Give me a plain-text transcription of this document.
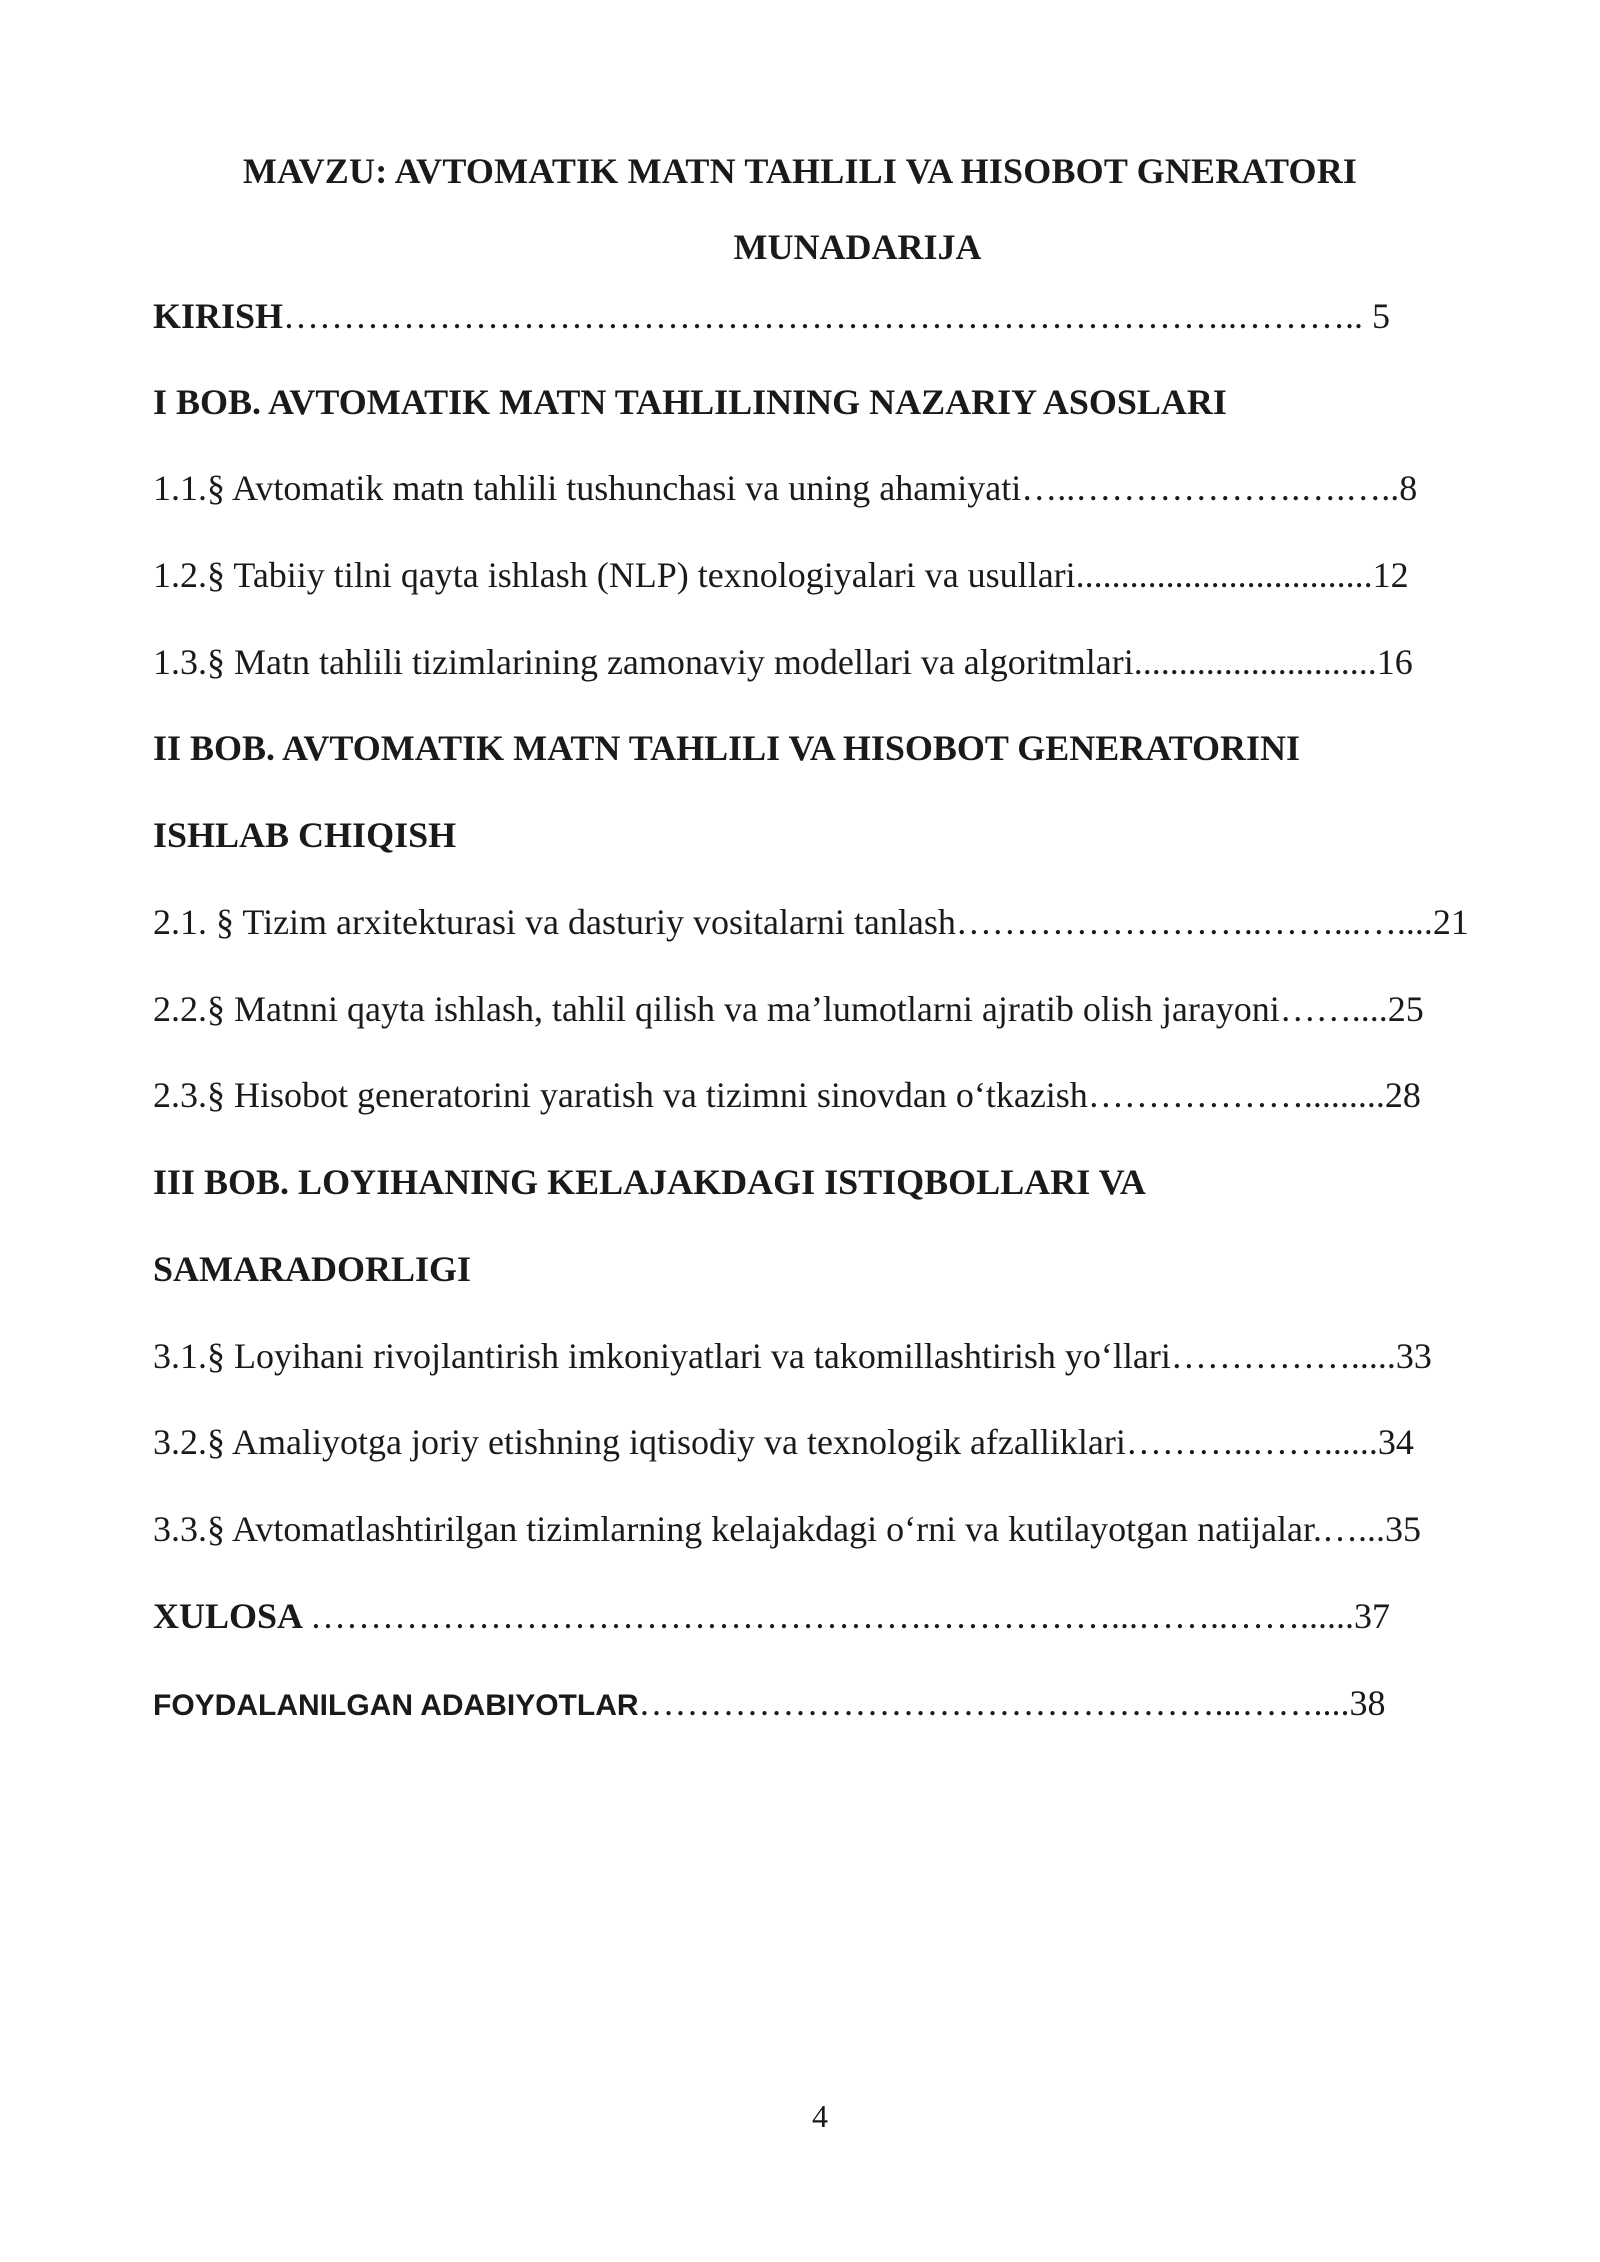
MAVZU: AVTOMATIK MATN TAHLILI VA HISOBOT GNERATORI
MUNADARIJA
KIRISH……………………………………………………………………..……….. 5
I BOB. AVTOMATIK MATN TAHLILINING NAZARIY ASOSLARI
1.1.§ Avtomatik matn tahlili tushunchasi va uning ahamiyati…..……………….….…..8
1.2.§ Tabiiy tilni qayta ishlash (NLP) texnologiyalari va usullari.................................12
1.3.§ Matn tahlili tizimlarining zamonaviy modellari va algoritmlari...........................16
II BOB. AVTOMATIK MATN TAHLILI VA HISOBOT GENERATORINI
ISHLAB CHIQISH
2.1. § Tizim arxitekturasi va dasturiy vositalarni tanlash……………………..……...…....21
2.2.§ Matnni qayta ishlash, tahlil qilish va ma’lumotlarni ajratib olish jarayoni……....25
2.3.§ Hisobot generatorini yaratish va tizimni sinovdan o‘tkazish……………….........28
III BOB. LOYIHANING KELAJAKDAGI ISTIQBOLLARI VA
SAMARADORLIGI
3.1.§ Loyihani rivojlantirish imkoniyatlari va takomillashtirish yo‘llari…………….....33
3.2.§ Amaliyotga joriy etishning iqtisodiy va texnologik afzalliklari………..……......34
3.3.§ Avtomatlashtirilgan tizimlarning kelajakdagi o‘rni va kutilayotgan natijalar.…...35
XULOSA …………………………………………….……………...……..……......37
FOYDALANILGAN ADABIYOTLAR…………………………………………...……....38
4
